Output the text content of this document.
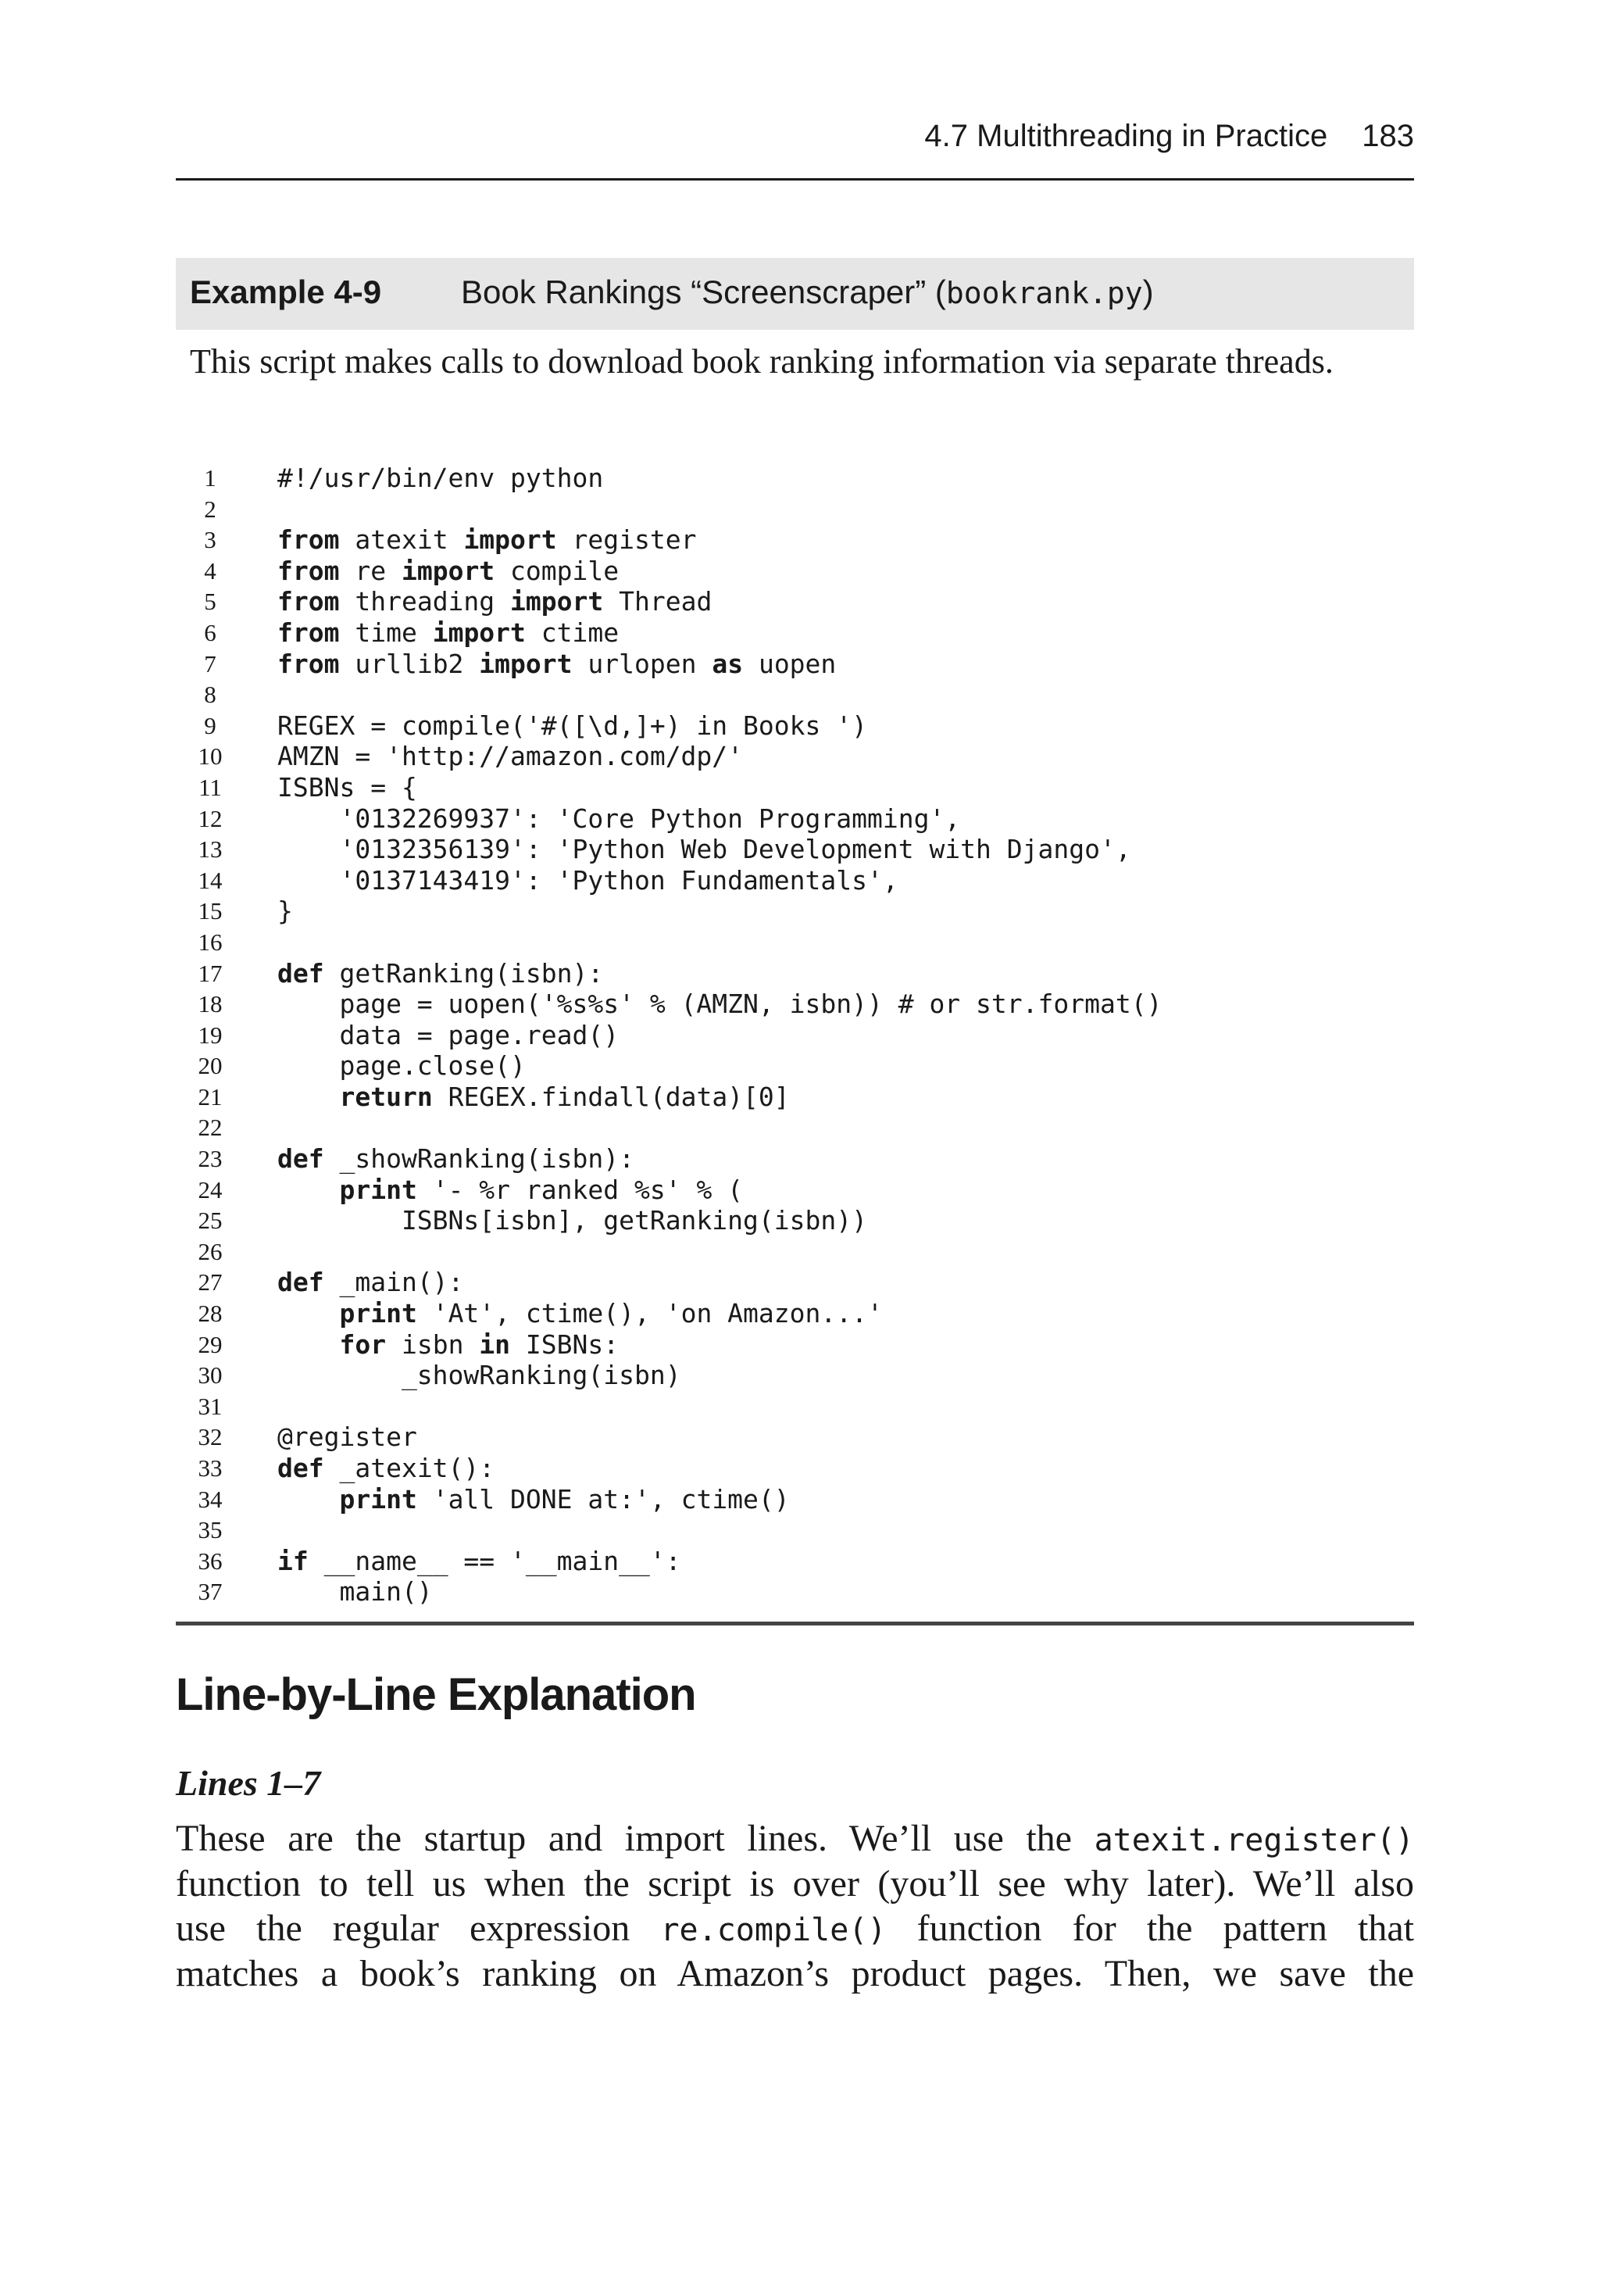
4.7 Multithreading in Practice 183
Example 4-9 Book Rankings “Screenscraper” (bookrank.py)
This script makes calls to download book ranking information via separate threads.
1	#!/usr/bin/env python
2
3	from atexit import register
4	from re import compile
5	from threading import Thread
6	from time import ctime
7	from urllib2 import urlopen as uopen
8
9	REGEX = compile('#([\d,]+) in Books ')
10	AMZN = 'http://amazon.com/dp/'
11	ISBNs = {
12	'0132269937': 'Core Python Programming',
13	'0132356139': 'Python Web Development with Django',
14	'0137143419': 'Python Fundamentals',
15	}
16
17	def getRanking(isbn):
18	page = uopen('%s%s' % (AMZN, isbn)) # or str.format()
19	data = page.read()
20	page.close()
21	return REGEX.findall(data)[0]
22
23	def _showRanking(isbn):
24	print '- %r ranked %s' % (
25	ISBNs[isbn], getRanking(isbn))
26
27	def _main():
28	print 'At', ctime(), 'on Amazon...'
29	for isbn in ISBNs:
30	_showRanking(isbn)
31
32	@register
33	def _atexit():
34	print 'all DONE at:', ctime()
35
36	if __name__ == '__main__':
37	main()
Line-by-Line Explanation
Lines 1–7
These are the startup and import lines. We’ll use the atexit.register()
function to tell us when the script is over (you’ll see why later). We’ll also
use the regular expression re.compile() function for the pattern that
matches a book’s ranking on Amazon’s product pages. Then, we save the
